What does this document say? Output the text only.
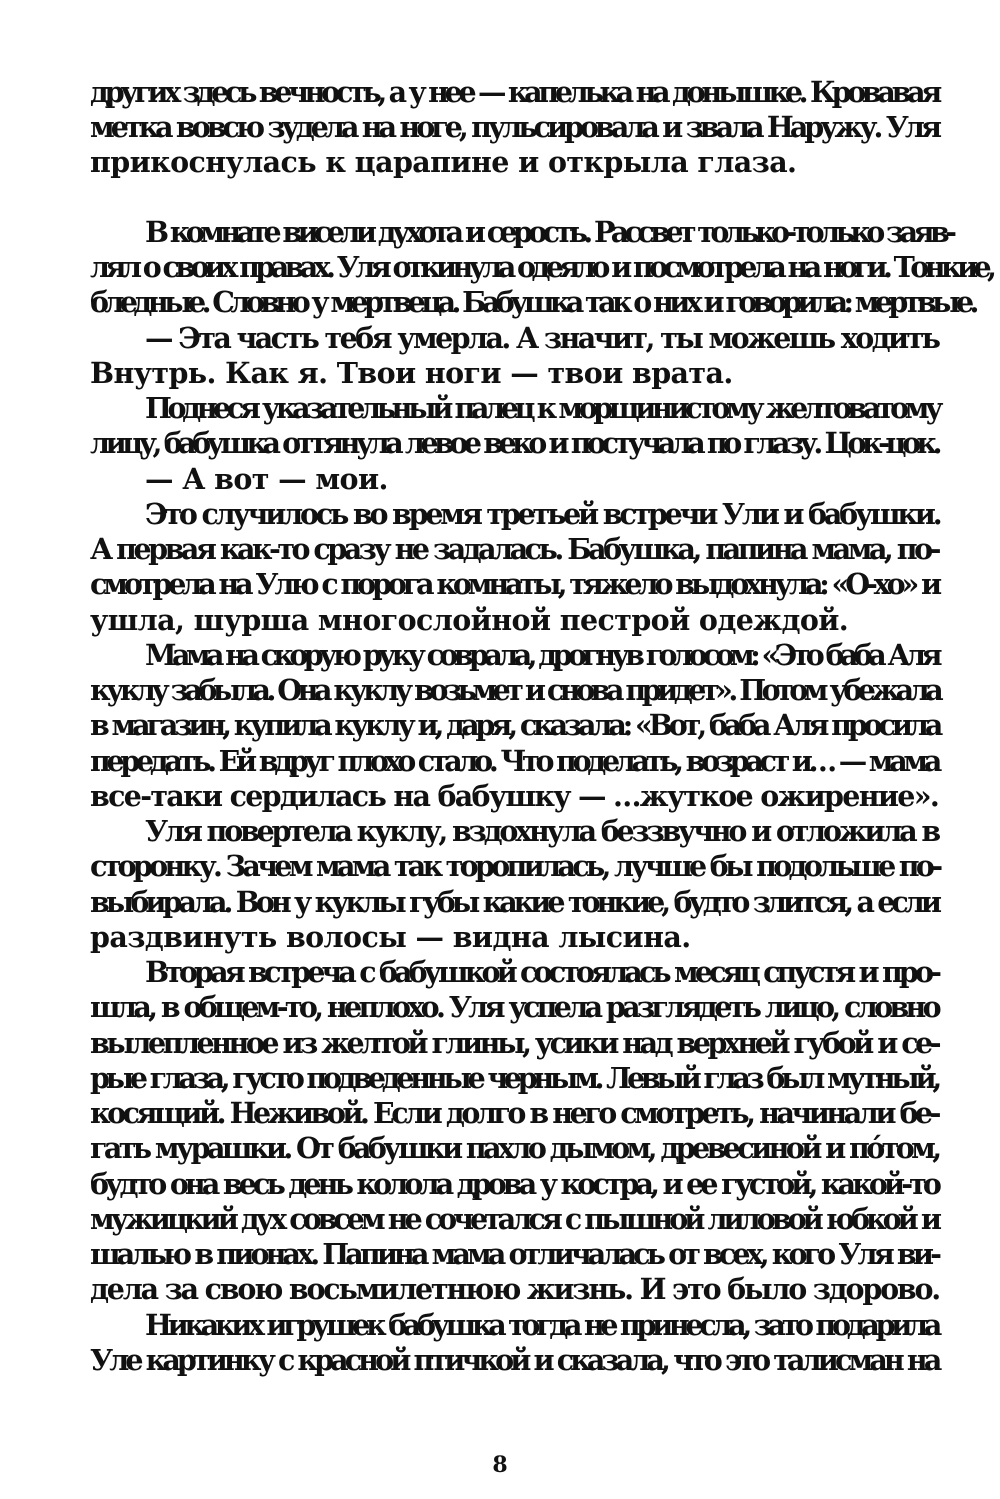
других здесь вечность, а у нее — капелька на донышке. Кровавая
метка вовсю зудела на ноге, пульсировала и звала Наружу. Уля
прикоснулась к царапине и открыла глаза.
В комнате висели духота и серость. Рассвет только-только заяв-
лял о своих правах. Уля откинула одеяло и посмотрела на ноги. Тонкие,
бледные. Словно у мертвеца. Бабушка так о них и говорила: мертвые.
— Эта часть тебя умерла. А значит, ты можешь ходить
Внутрь. Как я. Твои ноги — твои врата.
Поднеся указательный палец к морщинистому желтоватому
лицу, бабушка оттянула левое веко и постучала по глазу. Цок-цок.
— А вот — мои.
Это случилось во время третьей встречи Ули и бабушки.
А первая как-то сразу не задалась. Бабушка, папина мама, по-
смотрела на Улю с порога комнаты, тяжело выдохнула: «О-хо» и
ушла, шурша многослойной пестрой одеждой.
Мама на скорую руку соврала, дрогнув голосом: «Это баба Аля
куклу забыла. Она куклу возьмет и снова придет». Потом убежала
в магазин, купила куклу и, даря, сказала: «Вот, баба Аля просила
передать. Ей вдруг плохо стало. Что поделать, возраст и… — мама
все-таки сердилась на бабушку — …жуткое ожирение».
Уля повертела куклу, вздохнула беззвучно и отложила в
сторонку. Зачем мама так торопилась, лучше бы подольше по-
выбирала. Вон у куклы губы какие тонкие, будто злится, а если
раздвинуть волосы — видна лысина.
Вторая встреча с бабушкой состоялась месяц спустя и про-
шла, в общем-то, неплохо. Уля успела разглядеть лицо, словно
вылепленное из желтой глины, усики над верхней губой и се-
рые глаза, густо подведенные черным. Левый глаз был мутный,
косящий. Неживой. Если долго в него смотреть, начинали бе-
гать мурашки. От бабушки пахло дымом, древесиной и по́том,
будто она весь день колола дрова у костра, и ее густой, какой-то
мужицкий дух совсем не сочетался с пышной лиловой юбкой и
шалью в пионах. Папина мама отличалась от всех, кого Уля ви-
дела за свою восьмилетнюю жизнь. И это было здорово.
Никаких игрушек бабушка тогда не принесла, зато подарила
Уле картинку с красной птичкой и сказала, что это талисман на
8
